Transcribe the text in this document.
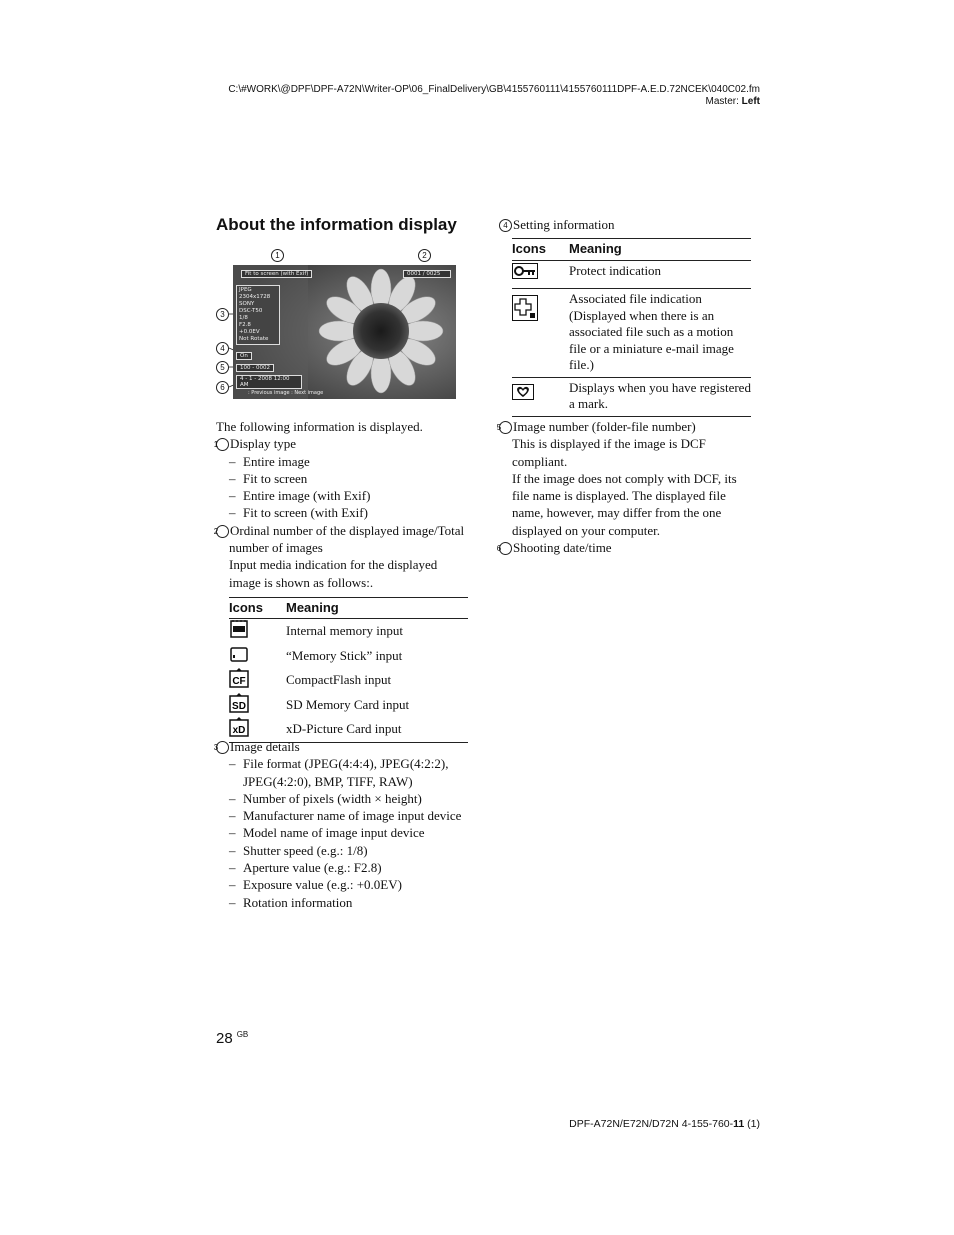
C:\#WORK\@DPF\DPF-A72N\Writer-OP\06_FinalDelivery\GB\4155760111\4155760111DPF-A.E.D.72NCEK\040C02.fm
Master: Left
About the information display
1	2
3
4
5
6
Fit to screen (with Exif)	0001 / 0025
JPEG
2304x1728
SONY
DSC-T50
1/8
F2.8
+0.0EV
Not Rotate
On
100 - 0002
4 - 1 - 2008 12:00 AM
: Previous image : Next image
The following information is displayed.
1 Display type
– Entire image
– Fit to screen
– Entire image (with Exif)
– Fit to screen (with Exif)
2 Ordinal number of the displayed image/Total
number of images
Input media indication for the displayed
image is shown as follows:.
Icons	Meaning
	Internal memory input
	“Memory Stick” input

CF	CompactFlash input

SD	SD Memory Card input

xD	xD-Picture Card input
3 Image details
– File format (JPEG(4:4:4), JPEG(4:2:2), JPEG(4:2:0), BMP, TIFF, RAW)
– Number of pixels (width × height)
– Manufacturer name of image input device
– Model name of image input device
– Shutter speed (e.g.: 1/8)
– Aperture value (e.g.: F2.8)
– Exposure value (e.g.: +0.0EV)
– Rotation information
4 Setting information
Icons	Meaning
	Protect indication
	Associated file indication (Displayed when there is an associated file such as a motion file or a miniature e-mail image file.)
	Displays when you have registered a mark.
5 Image number (folder-file number)
This is displayed if the image is DCF compliant.
If the image does not comply with DCF, its file name is displayed. The displayed file name, however, may differ from the one displayed on your computer.
6 Shooting date/time
28 $^{GB}$
DPF-A72N/E72N/D72N 4-155-760-11 (1)
